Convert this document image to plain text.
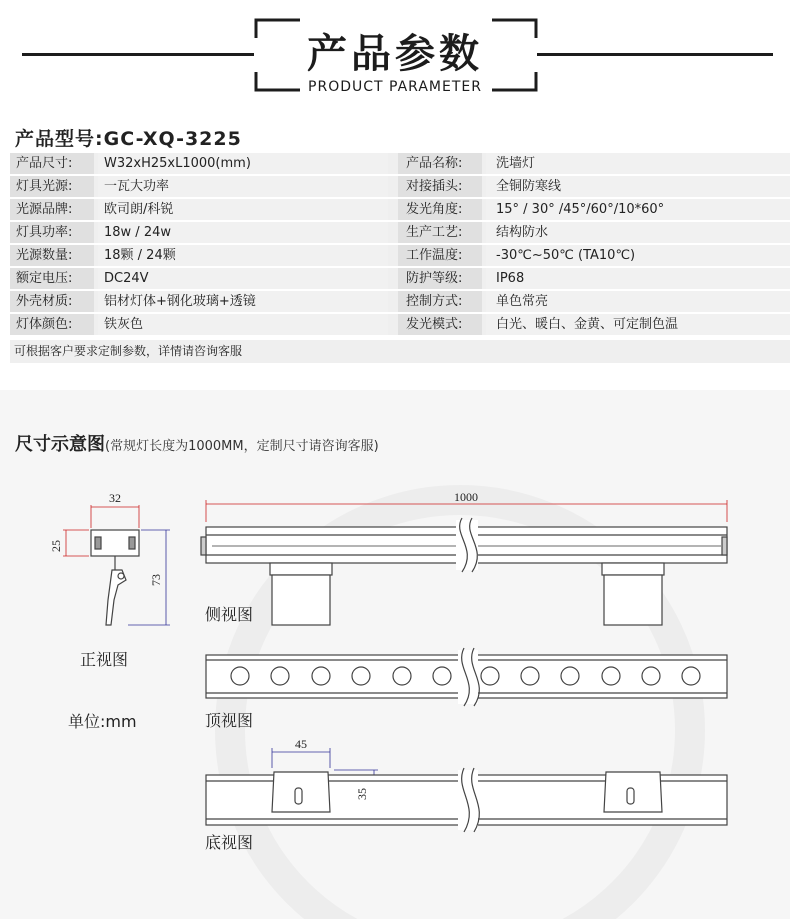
产品参数
PRODUCT PARAMETER
产品型号:GC-XQ-3225
产品尺寸:	W32xH25xL1000(mm)	产品名称:	洗墙灯
灯具光源:	一瓦大功率	对接插头:	全铜防寒线
光源品牌:	欧司朗/科锐	发光角度:	15° / 30° /45°/60°/10*60°
灯具功率:	18w / 24w	生产工艺:	结构防水
光源数量:	18颗 / 24颗	工作温度:	-30℃~50℃ (TA10℃)
额定电压:	DC24V	防护等级:	IP68
外壳材质:	铝材灯体+钢化玻璃+透镜	控制方式:	单色常亮
灯体颜色:	铁灰色	发光模式:	白光、暖白、金黄、可定制色温
可根据客户要求定制参数，详情请咨询客服
32
25
73
1000
45
35
尺寸示意图(常规灯长度为1000MM，定制尺寸请咨询客服)
正视图
单位:mm
侧视图
顶视图
底视图
